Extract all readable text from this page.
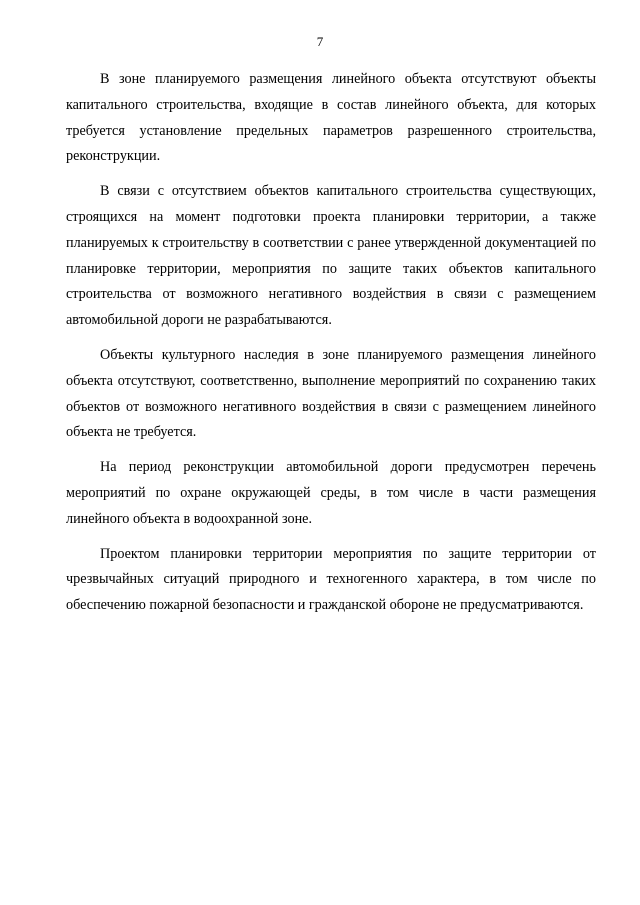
7

В зоне планируемого размещения линейного объекта отсутствуют объекты капитального строительства, входящие в состав линейного объекта, для которых требуется установление предельных параметров разрешенного строительства, реконструкции.

В связи с отсутствием объектов капитального строительства существующих, строящихся на момент подготовки проекта планировки территории, а также планируемых к строительству в соответствии с ранее утвержденной документацией по планировке территории, мероприятия по защите таких объектов капитального строительства от возможного негативного воздействия в связи с размещением автомобильной дороги не разрабатываются.

Объекты культурного наследия в зоне планируемого размещения линейного объекта отсутствуют, соответственно, выполнение мероприятий по сохранению таких объектов от возможного негативного воздействия в связи с размещением линейного объекта не требуется.

На период реконструкции автомобильной дороги предусмотрен перечень мероприятий по охране окружающей среды, в том числе в части размещения линейного объекта в водоохранной зоне.

Проектом планировки территории мероприятия по защите территории от чрезвычайных ситуаций природного и техногенного характера, в том числе по обеспечению пожарной безопасности и гражданской обороне не предусматриваются.
